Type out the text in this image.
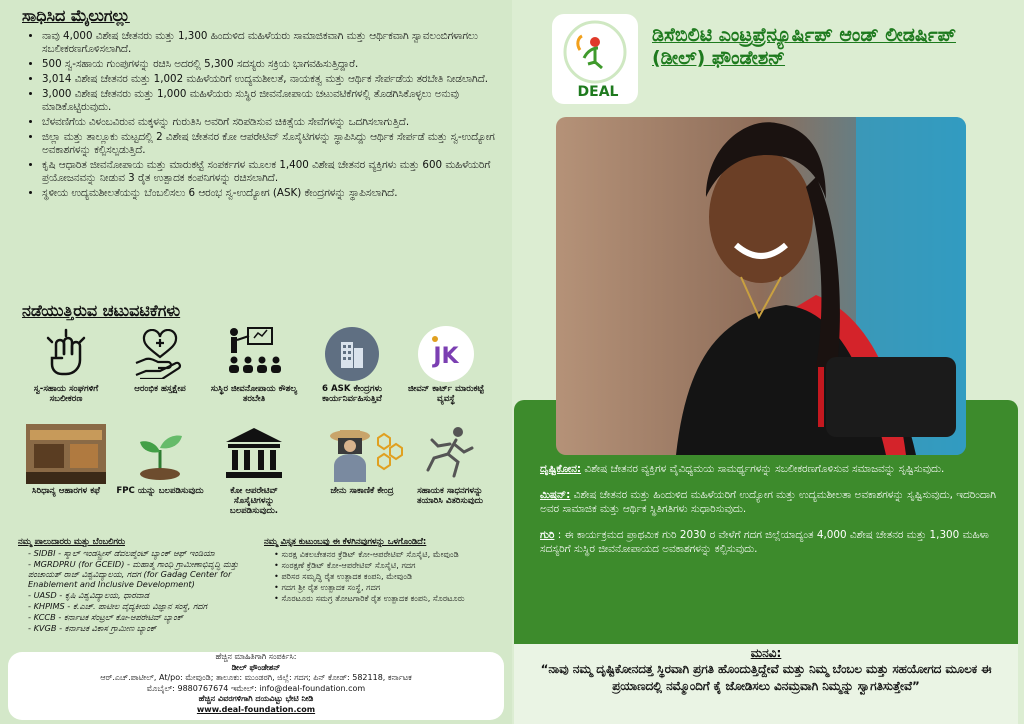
ಸಾಧಿಸಿದ ಮೈಲುಗಲ್ಲು
• ನಾವು 4,000 ವಿಶೇಷ ಚೇತನರು ಮತ್ತು 1,300 ಹಿಂದುಳಿದ ಮಹಿಳೆಯರು ಸಾಮಾಜಿಕವಾಗಿ ಮತ್ತು ಆರ್ಥಿಕವಾಗಿ ಸ್ವಾವಲಂಬಿಗಳಾಗಲು ಸಬಲೀಕರಣಗೊಳಿಸಲಾಗಿದೆ.
• 500 ಸ್ವ-ಸಹಾಯ ಗುಂಪುಗಳನ್ನು ರಚಿಸಿ ಅದರಲ್ಲಿ 5,300 ಸದಸ್ಯರು ಸಕ್ರಿಯ ಭಾಗವಹಿಸುತ್ತಿದ್ದಾರೆ.
• 3,014 ವಿಶೇಷ ಚೇತನರ ಮತ್ತು 1,002 ಮಹಿಳೆಯರಿಗೆ ಉದ್ಯಮಶೀಲತೆ, ನಾಯಕತ್ವ ಮತ್ತು ಆರ್ಥಿಕ ಸೇರ್ಪಡೆಯ ತರಬೇತಿ ನೀಡಲಾಗಿದೆ.
• 3,000 ವಿಶೇಷ ಚೇತನರು ಮತ್ತು 1,000 ಮಹಿಳೆಯರು ಸುಸ್ಥಿರ ಜೀವನೋಪಾಯ ಚಟುವಟಿಕೆಗಳಲ್ಲಿ ತೊಡಗಿಸಿಕೊಳ್ಳಲು ಅನುವು ಮಾಡಿಕೊಟ್ಟಿರುವುದು.
• ಬೆಳವಣಿಗೆಯ ವಿಳಂಬವಿರುವ ಮಕ್ಕಳನ್ನು ಗುರುತಿಸಿ ಅವರಿಗೆ ಸರಿಪಡಿಸುವ ಚಿಕಿತ್ಸೆಯ ಸೇವೆಗಳನ್ನು ಒದಗಿಸಲಾಗುತ್ತಿದೆ.
• ಜಿಲ್ಲಾ ಮತ್ತು ತಾಲ್ಲೂಕು ಮಟ್ಟದಲ್ಲಿ 2 ವಿಶೇಷ ಚೇತನರ ಕೋ ಆಪರೇಟಿವ್ ಸೊಸೈಟಿಗಳನ್ನು ಸ್ಥಾಪಿಸಿದ್ದು ಆರ್ಥಿಕ ಸೇರ್ಪಡೆ ಮತ್ತು ಸ್ವ-ಉದ್ಯೋಗ ಅವಕಾಶಗಳನ್ನು ಕಲ್ಪಿಸಲ್ಪಡುತ್ತಿದೆ.
• ಕೃಷಿ ಆಧಾರಿತ ಜೀವನೋಪಾಯ ಮತ್ತು ಮಾರುಕಟ್ಟೆ ಸಂಪರ್ಕಗಳ ಮೂಲಕ 1,400 ವಿಶೇಷ ಚೇತನರ ವ್ಯಕ್ತಿಗಳು ಮತ್ತು 600 ಮಹಿಳೆಯರಿಗೆ ಪ್ರಯೋಜನವನ್ನು ನೀಡುವ 3 ರೈತ ಉತ್ಪಾದಕ ಕಂಪನಿಗಳನ್ನು ರಚಿಸಲಾಗಿದೆ.
• ಸ್ಥಳೀಯ ಉದ್ಯಮಶೀಲತೆಯನ್ನು ಬೆಂಬಲಿಸಲು 6 ಆರಂಭ ಸ್ವ-ಉದ್ಯೋಗ (ASK) ಕೇಂದ್ರಗಳನ್ನು ಸ್ಥಾಪಿಸಲಾಗಿದೆ.
ನಡೆಯುತ್ತಿರುವ ಚಟುವಟಿಕೆಗಳು
ಸ್ವ-ಸಹಾಯ ಸಂಘಗಳಿಗೆ ಸಬಲೀಕರಣ
ಆರಂಭಿಕ ಹಸ್ತಕ್ಷೇಪ	ಸುಸ್ಥಿರ ಜೀವನೋಪಾಯ ಕೌಶಲ್ಯ ತರಬೇತಿ
6 ASK ಕೇಂದ್ರಗಳು ಕಾರ್ಯನಿರ್ವಹಿಸುತ್ತಿವೆ
JK
ಜೀವನ್ ಕಾರ್ಟ್ ಮಾರುಕಟ್ಟೆ ವ್ಯವಸ್ಥೆ
ಸಿರಿಧಾನ್ಯ ಆಹಾರಗಳ ಕಫೆ	FPC ಯನ್ನು ಬಲಪಡಿಸುವುದು	ಕೋ ಆಪರೇಟಿವ್ ಸೊಸೈಟಿಗಳನ್ನು ಬಲಪಡಿಸುವುದು.
ಜೇನು ಸಾಕಾಣಿಕೆ ಕೇಂದ್ರ	ಸಹಾಯಕ ಸಾಧನಗಳನ್ನು ತಯಾರಿಸಿ ವಿತರಿಸುವುದು
ನಮ್ಮ ಪಾಲುದಾರರು ಮತ್ತು ಬೆಂಬಲಿಗರು
- SIDBI - ಸ್ಮಾಲ್ ಇಂಡಸ್ಟ್ರೀಸ್ ಡೆವಲಪ್ಮೆಂಟ್ ಬ್ಯಾಂಕ್ ಆಫ್ ಇಂಡಿಯಾ
- MGRDPRU (for GCEID) - ಮಹಾತ್ಮ ಗಾಂಧಿ ಗ್ರಾಮೀಣಾಭಿವೃದ್ಧಿ ಮತ್ತು ಪಂಚಾಯತ್ ರಾಜ್ ವಿಶ್ವವಿದ್ಯಾಲಯ, ಗದಗ (for Gadag Center for Enablement and Inclusive Development)
- UASD - ಕೃಷಿ ವಿಶ್ವವಿದ್ಯಾಲಯ, ಧಾರವಾಡ
- KHPIMS - ಕೆ.ಎಚ್. ಪಾಟೀಲ ವೈದ್ಯಕೀಯ ವಿಜ್ಞಾನ ಸಂಸ್ಥೆ, ಗದಗ
- KCCB - ಕರ್ನಾಟಕ ಸೆಂಟ್ರಲ್ ಕೋ-ಆಪರೇಟಿವ್ ಬ್ಯಾಂಕ್
- KVGB - ಕರ್ನಾಟಕ ವಿಕಾಸ ಗ್ರಾಮೀಣ ಬ್ಯಾಂಕ್
ನಮ್ಮ ವಿಸ್ತೃತ ಕುಟುಂಬವು ಈ ಕೆಳಗಿನವುಗಳನ್ನು ಒಳಗೊಂಡಿದೆ:
• ಸುರಕ್ಷ ವಿಕಲಚೇತನರ ಕ್ರೆಡಿಟ್ ಕೋ-ಆಪರೇಟಿವ್ ಸೊಸೈಟಿ, ಮೇವುಂಡಿ
• ಸಂರಕ್ಷಣೆ ಕ್ರೆಡಿಟ್ ಕೋ-ಆಪರೇಟಿವ್ ಸೊಸೈಟಿ, ಗದಗ
• ಪರಿಸರ ಸಮೃದ್ಧಿ ರೈತ ಉತ್ಪಾದಕ ಕಂಪನಿ, ಮೇವುಂಡಿ
• ಗದಗ ಶ್ರೀ ರೈತ ಉತ್ಪಾದಕ ಸಂಸ್ಥೆ, ಗದಗ
• ಸೊರಟೂರು ಸಮಗ್ರ ತೋಟಗಾರಿಕೆ ರೈತ ಉತ್ಪಾದಕ ಕಂಪನಿ, ಸೊರಟೂರು
ಹೆಚ್ಚಿನ ಮಾಹಿತಿಗಾಗಿ ಸಂಪರ್ಕಿಸಿ:
ಡೀಲ್ ಫೌಂಡೇಶನ್
ಆರ್.ಎಚ್.ಪಾಟೀಲ್, At/po: ಮೇವುಂಡಿ; ತಾಲೂಕು: ಮುಂಡರಗಿ, ಜಿಲ್ಲೆ: ಗದಗ; ಪಿನ್ ಕೋಡ್: 582118, ಕರ್ನಾಟಕ
ಮೊಬೈಲ್: 9880767674 ಇಮೇಲ್: info@deal-foundation.com
ಹೆಚ್ಚಿನ ವಿವರಗಳಿಗಾಗಿ ದಯವಿಟ್ಟು ಭೇಟಿ ನೀಡಿ
www.deal-foundation.com
DEAL
ಡಿಸೆಬಿಲಿಟಿ ಎಂಟ್ರಪ್ರೆನ್ಯೂರ್ಷಿಪ್ ಆಂಡ್ ಲೀಡರ್ಷಿಪ್ (ಡೀಲ್) ಫೌಂಡೇಶನ್

ದೃಷ್ಟಿಕೋನ: ವಿಶೇಷ ಚೇತನರ ವ್ಯಕ್ತಿಗಳ ವೈವಿಧ್ಯಮಯ ಸಾಮರ್ಥ್ಯಗಳನ್ನು ಸಬಲೀಕರಣಗೊಳಿಸುವ ಸಮಾಜವನ್ನು ಸೃಷ್ಟಿಸುವುದು.

ಮಿಷನ್: ವಿಶೇಷ ಚೇತನರ ಮತ್ತು ಹಿಂದುಳಿದ ಮಹಿಳೆಯರಿಗೆ ಉದ್ಯೋಗ ಮತ್ತು ಉದ್ಯಮಶೀಲತಾ ಅವಕಾಶಗಳನ್ನು ಸೃಷ್ಟಿಸುವುದು, ಇದರಿಂದಾಗಿ ಅವರ ಸಾಮಾಜಿಕ ಮತ್ತು ಆರ್ಥಿಕ ಸ್ಥಿತಿಗತಿಗಳು ಸುಧಾರಿಸುವುದು.

ಗುರಿ : ಈ ಕಾರ್ಯಕ್ರಮದ ಪ್ರಾಥಮಿಕ ಗುರಿ 2030 ರ ವೇಳೆಗೆ ಗದಗ ಜಿಲ್ಲೆಯಾದ್ಯಂತ 4,000 ವಿಶೇಷ ಚೇತನರ ಮತ್ತು 1,300 ಮಹಿಳಾ ಸದಸ್ಯರಿಗೆ ಸುಸ್ಥಿರ ಜೀವನೋಪಾಯದ ಅವಕಾಶಗಳನ್ನು ಕಲ್ಪಿಸುವುದು.

ಮನವಿ:
“ನಾವು ನಮ್ಮ ದೃಷ್ಟಿಕೋನದತ್ತ ಸ್ಥಿರವಾಗಿ ಪ್ರಗತಿ ಹೊಂದುತ್ತಿದ್ದೇವೆ ಮತ್ತು ನಿಮ್ಮ ಬೆಂಬಲ ಮತ್ತು ಸಹಯೋಗದ ಮೂಲಕ ಈ ಪ್ರಯಾಣದಲ್ಲಿ ನಮ್ಮೊಂದಿಗೆ ಕೈ ಜೋಡಿಸಲು ವಿನಮ್ರವಾಗಿ ನಿಮ್ಮನ್ನು ಸ್ವಾಗತಿಸುತ್ತೇವೆ”
